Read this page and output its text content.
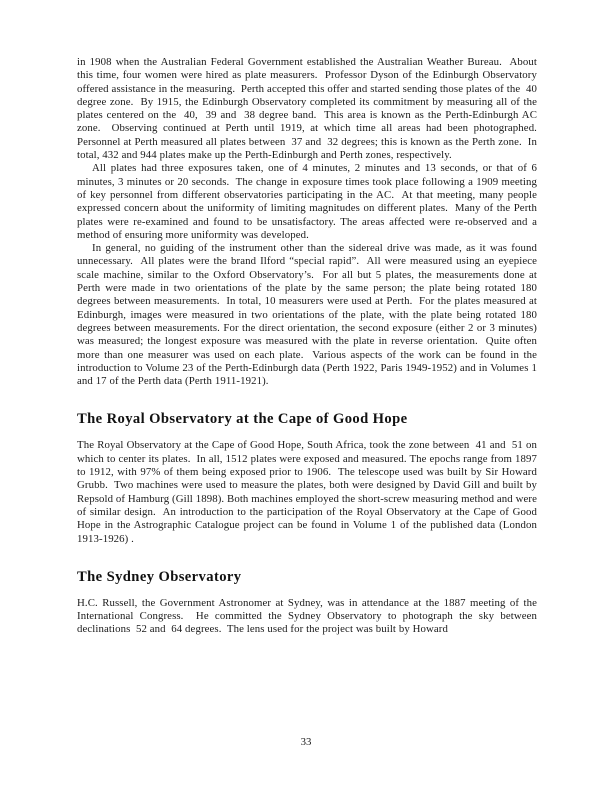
in 1908 when the Australian Federal Government established the Australian Weather Bureau.  About this time, four women were hired as plate measurers.  Professor Dyson of the Edinburgh Observatory offered assistance in the measuring.  Perth accepted this offer and started sending those plates of the  40 degree zone.  By 1915, the Edinburgh Observatory completed its commitment by measuring all of the plates centered on the  40,  39 and  38 degree band.  This area is known as the Perth-Edinburgh AC zone.  Observing continued at Perth until 1919, at which time all areas had been photographed.  Personnel at Perth measured all plates between  37 and  32 degrees; this is known as the Perth zone.  In total, 432 and 944 plates make up the Perth-Edinburgh and Perth zones, respectively.

All plates had three exposures taken, one of 4 minutes, 2 minutes and 13 seconds, or that of 6 minutes, 3 minutes or 20 seconds.  The change in exposure times took place following a 1909 meeting of key personnel from different observatories participating in the AC.  At that meeting, many people expressed concern about the uniformity of limiting magnitudes on different plates.  Many of the Perth plates were re-examined and found to be unsatisfactory. The areas affected were re-observed and a method of ensuring more uniformity was developed.

In general, no guiding of the instrument other than the sidereal drive was made, as it was found unnecessary.  All plates were the brand Ilford “special rapid”.  All were measured using an eyepiece scale machine, similar to the Oxford Observatory’s.  For all but 5 plates, the measurements done at Perth were made in two orientations of the plate by the same person; the plate being rotated 180 degrees between measurements.  In total, 10 measurers were used at Perth.  For the plates measured at Edinburgh, images were measured in two orientations of the plate, with the plate being rotated 180 degrees between measurements. For the direct orientation, the second exposure (either 2 or 3 minutes) was measured; the longest exposure was measured with the plate in reverse orientation.  Quite often more than one measurer was used on each plate.  Various aspects of the work can be found in the introduction to Volume 23 of the Perth-Edinburgh data (Perth 1922, Paris 1949-1952) and in Volumes 1 and 17 of the Perth data (Perth 1911-1921).

The Royal Observatory at the Cape of Good Hope

The Royal Observatory at the Cape of Good Hope, South Africa, took the zone between  41 and  51 on which to center its plates.  In all, 1512 plates were exposed and measured. The epochs range from 1897 to 1912, with 97% of them being exposed prior to 1906.  The telescope used was built by Sir Howard Grubb.  Two machines were used to measure the plates, both were designed by David Gill and built by Repsold of Hamburg (Gill 1898). Both machines employed the short-screw measuring method and were of similar design.  An introduction to the participation of the Royal Observatory at the Cape of Good Hope in the Astrographic Catalogue project can be found in Volume 1 of the published data (London 1913-1926) .

The Sydney Observatory

H.C. Russell, the Government Astronomer at Sydney, was in attendance at the 1887 meeting of the International Congress.  He committed the Sydney Observatory to photograph the sky between declinations  52 and  64 degrees.  The lens used for the project was built by Howard

33
